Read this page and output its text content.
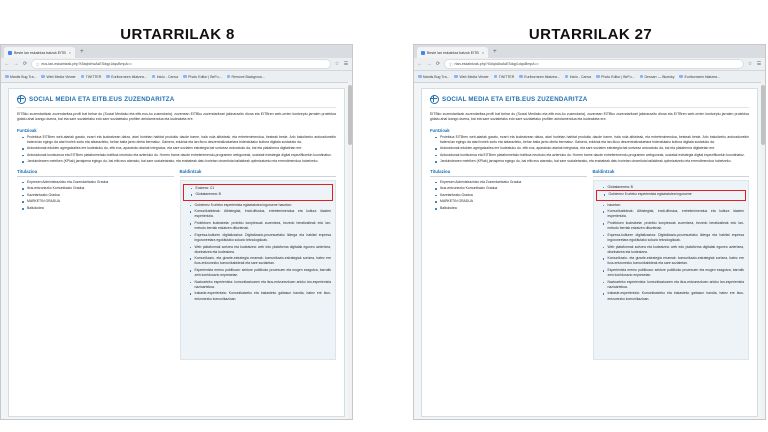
URTARRILAK 8
Beste lan eskaintza batzuk EITB × +
← → ⟳	ⓘ eus-lan-eskaintzak.php?t3dqIsKwAsESdqp1dquBmpA==	☆ ☰
Mantis Bug Tra...	Web Media Viewer	TWITTER	Euriborraren bilatzea...	Inicio - Canva	Photo Editor | BeFu...	Remove Backgroun...
SOCIAL MEDIA ETA EITB.EUS ZUZENDARITZA
EITBko zuzendaritzak zuzendaritza-profil bat behar du (Social Mediako eta eitb.eus-ko zuzendaria), zuzenean EITBko zuzendaritzari jakinarazito diona eta EITBren web-orrien kontzeptu jarraien proiektua gidatu ahal izango duena, bai eta sare sozialetako edo sare sozialetako profilen antolamendua eta kudeaketa ere.
Funtzioak
Proiektua EITBren web-atariak garatu, ezarri eta kudeatzean datza, atari horietan habitat produktu daude barne, hala nola albisteak, eta entretenimendua, besteak beste. Arlo bakoitzeko arduradunekin batera lan egingo da atari horiek sortu eta abiarazteko, behar baita jarrio direla bermatuz. Gainera, edukiak eta lan-fluxu deszentralizatuetara bideratutako kultura digitala sustatuko da.
Arduradunak edukien agregatzailea ere kudeatuko du, eitb.eus, aparatuko atariak integratuz, eta sare sozialen estrategia bat sortzeaz arduratuko da, bai eta plataforma digitaletan ere.
Arduradunak kontsumoa eta EITBren plataformetako trafikoa neurtuko eta aztertuko du. Horren barne daude entretenimendu-programen webguneak, sozialak estrategia digital espezifikoekin koordinatuz.
Jarduindearen metriken (KPIak) jarraipena egingo du, bai eitb.eus atarrako, bai sare sozialetarako, eta erabateak datu horietan oinarrituta balialdeak optimizatzeko eta errendimendua hobetzeko.
Titulazioa
Enpresen Administrazioko eta Zuzendaritzako Gradua
Ikus-entzunezko Komunikazio Gradua
Kazetaritzako Gradua
MARKETIN GRADUA
Balkolodea
Baldintzak
Euskera: C1
Globalaremea: B
Gutxienez 5 urteko esperientzia egiaztatutea inguruene hauetan:
Komunikabideak: Albisteglak, irrati-difusioa, entretenimendua eta kultura idazten esperientzia.
Proiektuen kudeaketa: proiektu konplexuak zuzentzea, bezedo beratizaileak edo lan-metodo berriak eskatzen dituztenak.
Enpresa-kulturen digitalizazioa: Digitalizazio-prozesuetako liderga eta habitat enpresa inguruneetara egokitutako soluzio teknologikoak.
Web plataformak sortzea eta kudeatzea: web edo plataforma digitalak eguneo aztertzea, diseinatzea eta kudeatzea.
Komunikazio- eta gizarte-estrategia erramak: komunikazio-estrategiak sortzea, batez ere ikus-entzunezko komunikabideak eta sare sozialetan.
Esperientzia eremu publikoan: sektore publikoko prozesuen eta mugen ezagutza, barrutik zein korridorazio enpresetan.
Nazioarteko esperientzia: komunikazioaren eta ikus-entzunezkoen arloko lan-esperientzia nazioartekoa.
Irakasle-esperientzia: Komunikatzeko eta irakasteko gaitasun handia, batez ere ikus-entzunezko komunikazioan.
URTARRILAK 27
Beste lan eskaintza batzuk EITB × +
← → ⟳	ⓘ rtan-eskaintzak.php?t3dqIdAsAsESdqp1dquBmpA==	☆ ☰
Mantis Bug Tra...	Web Media Viewer	TWITTER	Euriborraren bilatzea...	Inicio - Canva	Photo Editor | BeFu...	Descarr — Bluesky	Euriborraren bilatzea...
SOCIAL MEDIA ETA EITB.EUS ZUZENDARITZA
EITBko zuzendaritzak zuzendaritza-profil bat behar du (Social Mediako eta eitb.eus-ko zuzendaria), zuzenean EITBko zuzendaritzari jakinarazito diona eta EITBren web-orrien kontzeptu jarraien proiektua gidatu ahal izango duena, bai eta sare sozialetako edo sare sozialetako profilen antolamendua eta kudeaketa ere.
Funtzioak
Proiektua EITBren web-atariak garatu, ezarri eta kudeatzean datza, atari horietan habitat produktu daude barne, hala nola albisteak, eta entretenimendua, besteak beste. Arlo bakoitzeko arduradunekin batera lan egingo da atari horiek sortu eta abiarazteko, behar baita jarrio direla bermatuz. Gainera, edukiak eta lan-fluxu deszentralizatuetara bideratutako kultura digitala sustatuko da.
Arduradunak edukien agregatzailea ere kudeatuko du, eitb.eus, aparatuko atariak integratuz, eta sare sozialen estrategia bat sortzeaz arduratuko da, bai eta plataforma digitaletan ere.
Arduradunak kontsumoa eta EITBren plataformetako trafikoa neurtuko eta aztertuko du. Horren barne daude entretenimendu-programen webguneak, sozialak estrategia digital espezifikoekin koordinatuz.
Jarduindearen metriken (KPIak) jarraipena egingo du, bai eitb.eus atarrako, bai sare sozialetarako, eta erabateak datu horietan oinarrituta balialdeak optimizatzeko eta errendimendua hobetzeko.
Titulazioa
Enpresen Administrazioko eta Zuzendaritzako Gradua
Ikus-entzunezko Komunikazio Gradua
Kazetaritzako Gradua
MARKETIN GRADUA
Balkolodea
Baldintzak
Globalaremea: B
Gutxienez 5 urteko esperientzia egiaztatutea inguruene
hauetan:
Komunikabideak: Albisteglak, irrati-difusioa, entretenimendua eta kultura idazten esperientzia.
Proiektuen kudeaketa: proiektu konplexuak zuzentzea, bezedo beratizaileak edo lan-metodo berriak eskatzen dituztenak.
Enpresa-kulturen digitalizazioa: Digitalizazio-prozesuetako liderga eta habitat enpresa inguruneetara egokitutako soluzio teknologikoak.
Web plataformak sortzea eta kudeatzea: web edo plataforma digitalak eguneo aztertzea, diseinatzea eta kudeatzea.
Komunikazio- eta gizarte-estrategia erramak: komunikazio-estrategiak sortzea, batez ere ikus-entzunezko komunikabideak eta sare sozialetan.
Esperientzia eremu publikoan: sektore publikoko prozesuen eta mugen ezagutza, barrutik zein korridorazio enpresetan.
Nazioarteko esperientzia: komunikazioaren eta ikus-entzunezkoen arloko lan-esperientzia nazioartekoa.
Irakasle-esperientzia: Komunikatzeko eta irakasteko gaitasun handia, batez ere ikus-entzunezko komunikazioan.
